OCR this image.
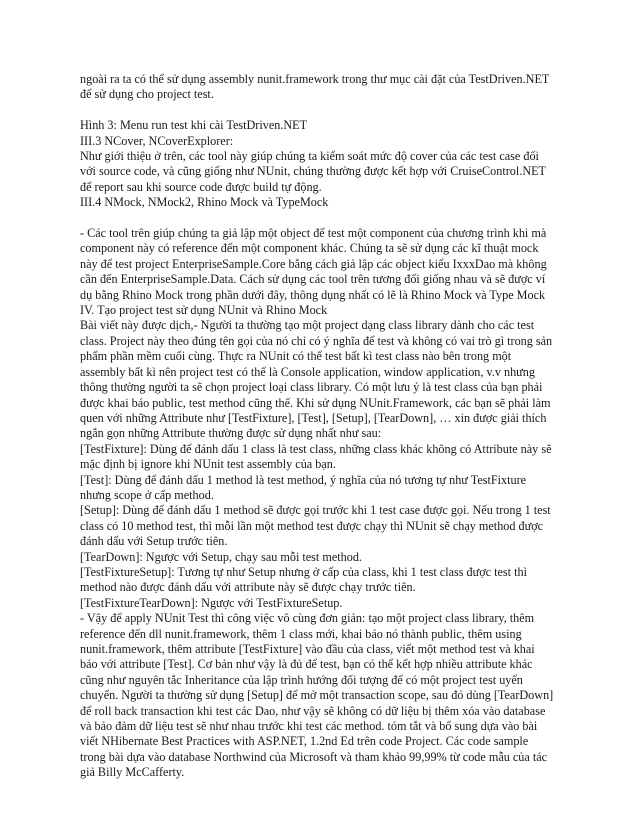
ngoài ra ta có thể sử dụng assembly nunit.framework trong thư mục cài đặt của TestDriven.NET
để sử dụng cho project test.

Hình 3: Menu run test khi cài TestDriven.NET
III.3 NCover, NCoverExplorer:
Như giới thiệu ở trên, các tool này giúp chúng ta kiểm soát mức độ cover của các test case đối
với source code, và cũng giống như NUnit, chúng thường được kết hợp với CruiseControl.NET
để report sau khi source code được build tự động.
III.4 NMock, NMock2, Rhino Mock và TypeMock

- Các tool trên giúp chúng ta giả lập một object để test một component của chương trình khi mà
component này có reference đến một component khác. Chúng ta sẽ sử dụng các kĩ thuật mock
này để test project EnterpriseSample.Core bằng cách giả lập các object kiểu IxxxDao mà không
cần đến EnterpriseSample.Data. Cách sử dụng các tool trên tương đối giống nhau và sẽ được ví
dụ bằng Rhino Mock trong phần dưới đây, thông dụng nhất có lẽ là Rhino Mock và Type Mock
IV. Tạo project test sử dụng NUnit và Rhino Mock
Bài viết này được dịch,- Người ta thường tạo một project dạng class library dành cho các test
class. Project này theo đúng tên gọi của nó chỉ có ý nghĩa để test và không có vai trò gì trong sản
phẩm phần mềm cuối cùng. Thực ra NUnit có thể test bất kì test class nào bên trong một
assembly bất kì nên project test có thể là Console application, window application, v.v nhưng
thông thường người ta sẽ chọn project loại class library. Có một lưu ý là test class của bạn phải
được khai báo public, test method cũng thế. Khi sử dụng NUnit.Framework, các bạn sẽ phải làm
quen với những Attribute như [TestFixture], [Test], [Setup], [TearDown], … xin được giải thích
ngắn gọn những Attribute thường được sử dụng nhất như sau:
[TestFixture]: Dùng để đánh dấu 1 class là test class, những class khác không có Attribute này sẽ
mặc định bị ignore khi NUnit test assembly của bạn.
[Test]: Dùng để đánh dấu 1 method là test method, ý nghĩa của nó tương tự như TestFixture
nhưng scope ở cấp method.
[Setup]: Dùng để đánh dấu 1 method sẽ được gọi trước khi 1 test case được gọi. Nếu trong 1 test
class có 10 method test, thì mỗi lần một method test được chạy thì NUnit sẽ chạy method được
đánh dấu với Setup trước tiên.
[TearDown]: Ngược với Setup, chạy sau mỗi test method.
[TestFixtureSetup]: Tương tự như Setup nhưng ở cấp của class, khi 1 test class được test thì
method nào được đánh dấu với attribute này sẽ được chạy trước tiên.
[TestFixtureTearDown]: Ngược với TestFixtureSetup.
- Vậy để apply NUnit Test thì công việc vô cùng đơn giản: tạo một project class library, thêm
reference đến dll nunit.framework, thêm 1 class mới, khai báo nó thành public, thêm using
nunit.framework, thêm attribute [TestFixture] vào đầu của class, viết một method test và khai
báo với attribute [Test]. Cơ bản như vậy là đủ để test, bạn có thể kết hợp nhiều attribute khác
cũng như nguyên tắc Inheritance của lập trình hướng đối tượng để có một project test uyển
chuyển. Người ta thường sử dụng [Setup] để mở một transaction scope, sau đó dùng [TearDown]
để roll back transaction khi test các Dao, như vậy sẽ không có dữ liệu bị thêm xóa vào database
và bảo đảm dữ liệu test sẽ như nhau trước khi test các method. tóm tắt và bổ sung dựa vào bài
viết NHibernate Best Practices with ASP.NET, 1.2nd Ed trên code Project. Các code sample
trong bài dựa vào database Northwind của Microsoft và tham khảo 99,99% từ code mẫu của tác
giả Billy McCafferty.
